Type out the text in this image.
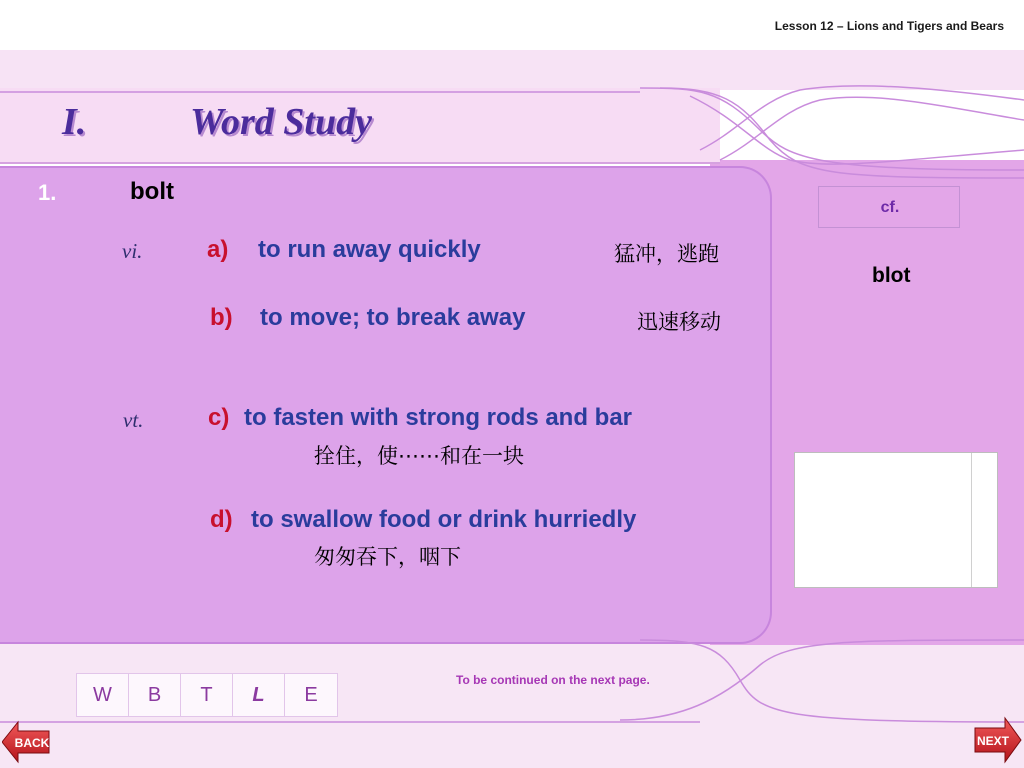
Lesson 12 – Lions and Tigers and Bears
I.	Word Study
1.	bolt
vi.	a) to run away quickly	猛冲，逃跑
b) to move; to break away	迅速移动
vt.	c) to fasten with strong rods and bar
拴住，使⋯⋯和在一块
d) to swallow food or drink hurriedly
匆匆吞下，咽下
cf.
blot
W	B	T	L	E
To be continued on the next page.
BACK	NEXT
